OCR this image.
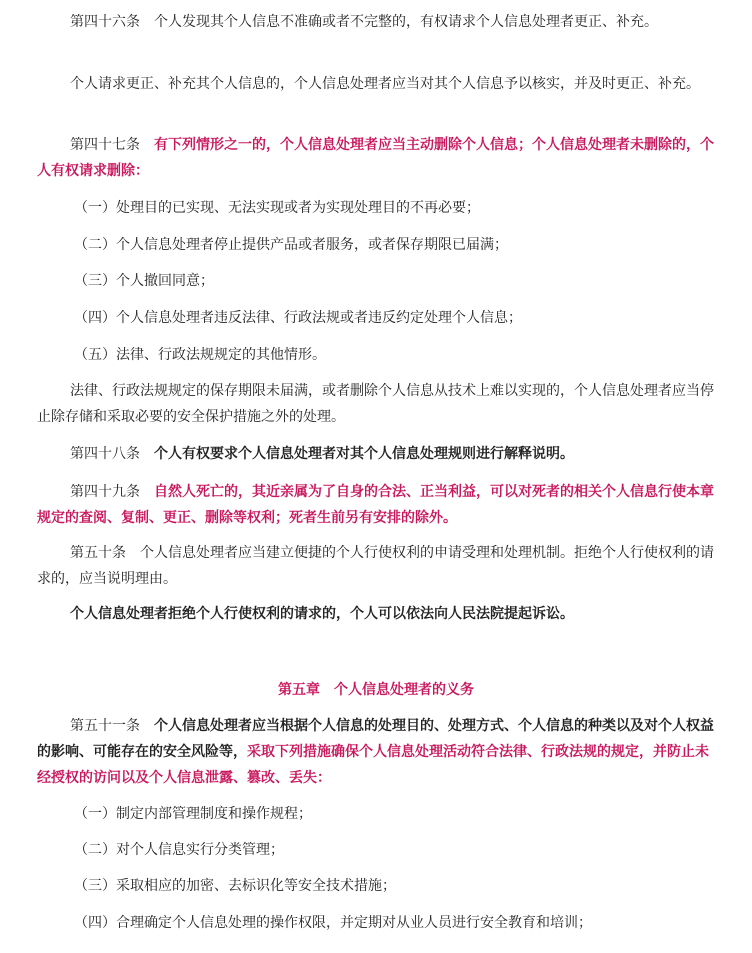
第四十六条 个人发现其个人信息不准确或者不完整的，有权请求个人信息处理者更正、补充。
个人请求更正、补充其个人信息的，个人信息处理者应当对其个人信息予以核实，并及时更正、补充。
第四十七条 有下列情形之一的，个人信息处理者应当主动删除个人信息；个人信息处理者未删除的，个人有权请求删除：
（一）处理目的已实现、无法实现或者为实现处理目的不再必要；
（二）个人信息处理者停止提供产品或者服务，或者保存期限已届满；
（三）个人撤回同意；
（四）个人信息处理者违反法律、行政法规或者违反约定处理个人信息；
（五）法律、行政法规规定的其他情形。
法律、行政法规规定的保存期限未届满，或者删除个人信息从技术上难以实现的，个人信息处理者应当停止除存储和采取必要的安全保护措施之外的处理。
第四十八条 个人有权要求个人信息处理者对其个人信息处理规则进行解释说明。
第四十九条 自然人死亡的，其近亲属为了自身的合法、正当利益，可以对死者的相关个人信息行使本章规定的查阅、复制、更正、删除等权利；死者生前另有安排的除外。
第五十条 个人信息处理者应当建立便捷的个人行使权利的申请受理和处理机制。拒绝个人行使权利的请求的，应当说明理由。
个人信息处理者拒绝个人行使权利的请求的，个人可以依法向人民法院提起诉讼。
第五章　个人信息处理者的义务
第五十一条 个人信息处理者应当根据个人信息的处理目的、处理方式、个人信息的种类以及对个人权益的影响、可能存在的安全风险等，采取下列措施确保个人信息处理活动符合法律、行政法规的规定，并防止未经授权的访问以及个人信息泄露、篡改、丢失：
（一）制定内部管理制度和操作规程；
（二）对个人信息实行分类管理；
（三）采取相应的加密、去标识化等安全技术措施；
（四）合理确定个人信息处理的操作权限，并定期对从业人员进行安全教育和培训；
